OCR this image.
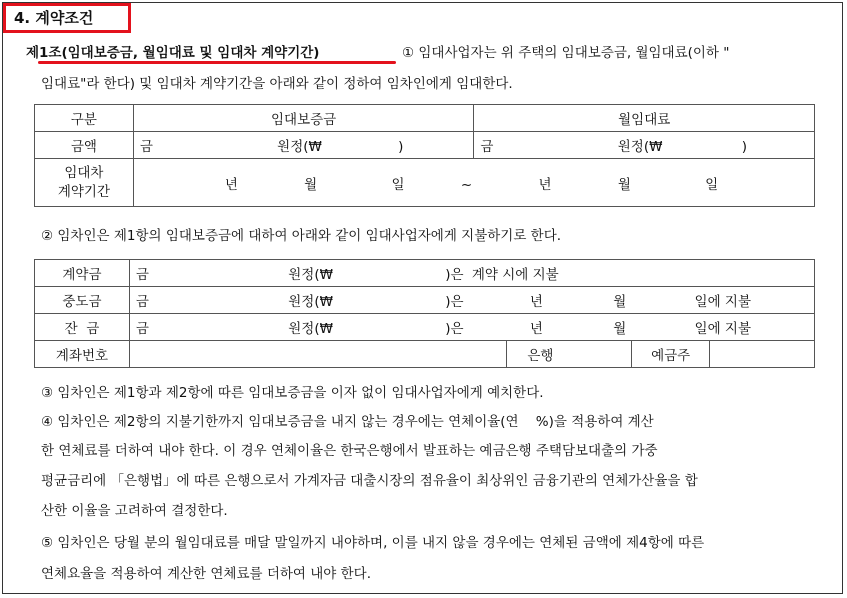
4. 계약조건
제1조(임대보증금, 월임대료 및 임대차 계약기간)	① 임대사업자는 위 주택의 임대보증금, 월임대료(이하 "
임대료"라 한다) 및 임대차 계약기간을 아래와 같이 정하여 임차인에게 임대한다.
구분	임대보증금	월임대료
금액	금 원정(₩ )	금 원정(₩ )
임대차
계약기간	년 월 일 ~ 년 월 일	
② 임차인은 제1항의 임대보증금에 대하여 아래와 같이 임대사업자에게 지불하기로 한다.
계약금	금 원정(₩ )은 계약 시에 지불			
중도금	금 원정(₩ )은 년 월 일에 지불			
잔  금	금 원정(₩ )은 년 월 일에 지불			
계좌번호		은행	예금주	
③ 임차인은 제1항과 제2항에 따른 임대보증금을 이자 없이 임대사업자에게 예치한다.
④ 임차인은 제2항의 지불기한까지 임대보증금을 내지 않는 경우에는 연체이율(연    %)을 적용하여 계산
한 연체료를 더하여 내야 한다. 이 경우 연체이율은 한국은행에서 발표하는 예금은행 주택담보대출의 가중
평균금리에 「은행법」에 따른 은행으로서 가계자금 대출시장의 점유율이 최상위인 금융기관의 연체가산율을 합
산한 이율을 고려하여 결정한다.
⑤ 임차인은 당월 분의 월임대료를 매달 말일까지 내야하며, 이를 내지 않을 경우에는 연체된 금액에 제4항에 따른
연체요율을 적용하여 계산한 연체료를 더하여 내야 한다.
